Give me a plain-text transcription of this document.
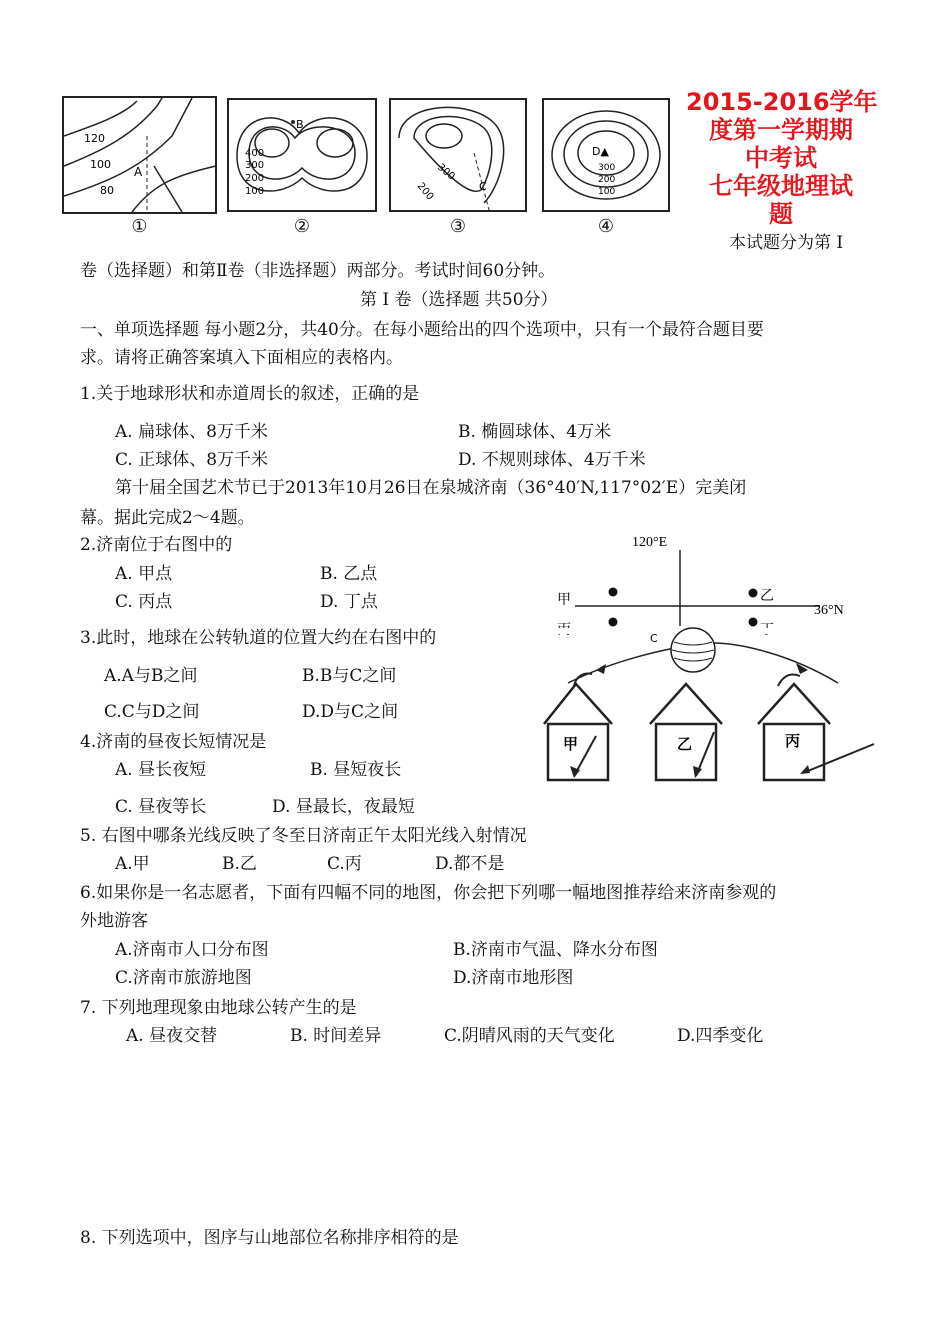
120
100
80
A
①
B
400
300
200
100
②
300
200	C
③
D▲
300
200
100
④
2015-2016学年
度第一学期期
中考试
七年级地理试
题
本试题分为第 I
卷（选择题）和第Ⅱ卷（非选择题）两部分。考试时间60分钟。
第 I 卷（选择题 共50分）
一、单项选择题 每小题2分，共40分。在每小题给出的四个选项中，只有一个最符合题目要
求。请将正确答案填入下面相应的表格内。
1.关于地球形状和赤道周长的叙述，正确的是
A. 扁球体、8万千米	B. 椭圆球体、4万米
C. 正球体、8万千米	D. 不规则球体、4万千米
第十届全国艺术节已于2013年10月26日在泉城济南（36°40′N,117°02′E）完美闭
幕。据此完成2～4题。
2.济南位于右图中的
A. 甲点	B. 乙点
C. 丙点	D. 丁点
120°E
36°N
甲	乙
3.此时，地球在公转轨道的位置大约在右图中的
A.A与B之间	B.B与C之间
C.C与D之间	D.D与C之间
C
甲	乙	丙
4.济南的昼夜长短情况是
A. 昼长夜短	B. 昼短夜长
C. 昼夜等长	D. 昼最长，夜最短
5. 右图中哪条光线反映了冬至日济南正午太阳光线入射情况
A.甲	B.乙	C.丙	D.都不是
6.如果你是一名志愿者，下面有四幅不同的地图，你会把下列哪一幅地图推荐给来济南参观的
外地游客
A.济南市人口分布图	B.济南市气温、降水分布图
C.济南市旅游地图	D.济南市地形图
7. 下列地理现象由地球公转产生的是
A. 昼夜交替	B. 时间差异	C.阴晴风雨的天气变化	D.四季变化
8. 下列选项中，图序与山地部位名称排序相符的是
